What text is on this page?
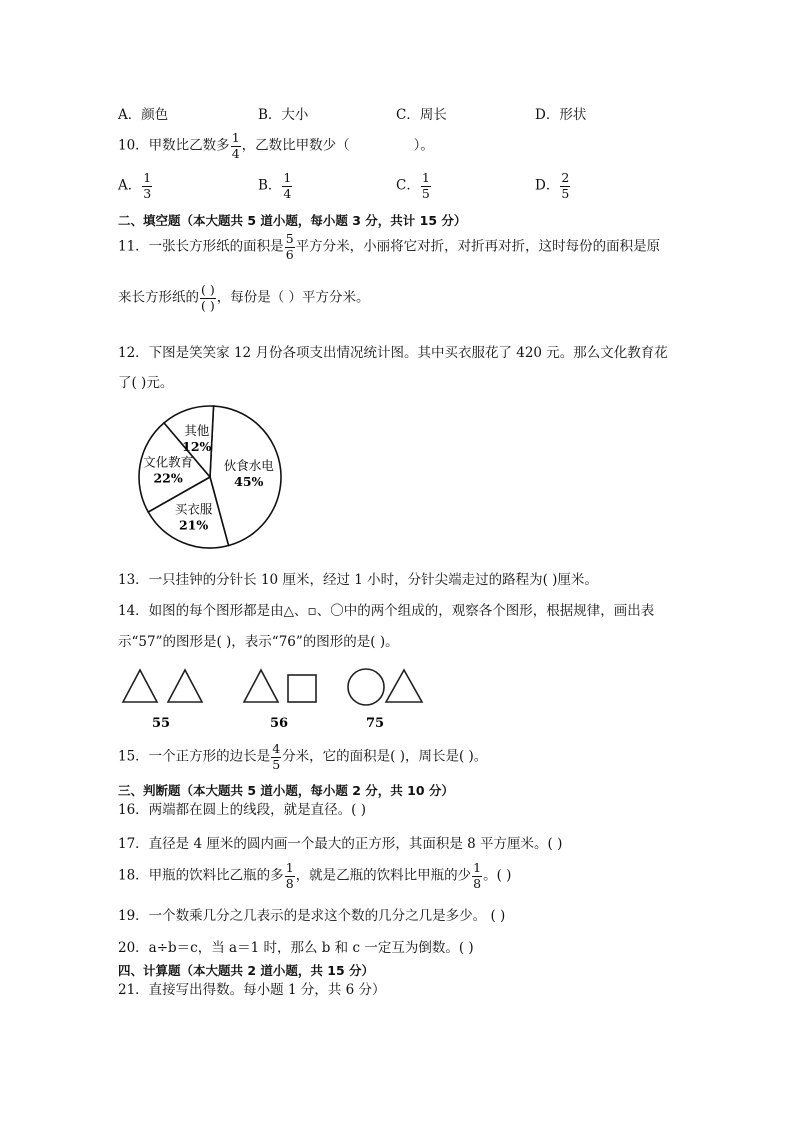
A．颜色	B．大小	C．周长	D．形状
10．甲数比乙数多 $\frac{1}{4}$ ，乙数比甲数少（	）。
A． $\frac{1}{3}$	B． $\frac{1}{4}$	C． $\frac{1}{5}$	D． $\frac{2}{5}$
二、填空题（本大题共 5 道小题，每小题 3 分，共计 15 分）
11．一张长方形纸的面积是 $\frac{5}{6}$ 平方分米，小丽将它对折，对折再对折，这时每份的面积是原
来长方形纸的 $\frac{( )}{( )}$ ，每份是（ ）平方分米。
12．下图是笑笑家 12 月份各项支出情况统计图。其中买衣服花了 420 元。那么文化教育花
了( )元。
伙食水电
45%
买衣服
21%
文化教育
22%
其他
12%
13．一只挂钟的分针长 10 厘米，经过 1 小时，分针尖端走过的路程为( )厘米。
14．如图的每个图形都是由△、▫、〇中的两个组成的，观察各个图形，根据规律，画出表
示“57”的图形是( )，表示“76”的图形的是( )。
55	56	75
15．一个正方形的边长是 $\frac{4}{5}$ 分米，它的面积是( )，周长是( )。
三、判断题（本大题共 5 道小题，每小题 2 分，共 10 分）
16．两端都在圆上的线段，就是直径。( )
17．直径是 4 厘米的圆内画一个最大的正方形，其面积是 8 平方厘米。( )
18．甲瓶的饮料比乙瓶的多 $\frac{1}{8}$ ，就是乙瓶的饮料比甲瓶的少 $\frac{1}{8}$ 。( )
19．一个数乘几分之几表示的是求这个数的几分之几是多少。 ( )
20．a÷b＝c，当 a＝1 时，那么 b 和 c 一定互为倒数。( )
四、计算题（本大题共 2 道小题，共 15 分）
21．直接写出得数。每小题 1 分，共 6 分）
